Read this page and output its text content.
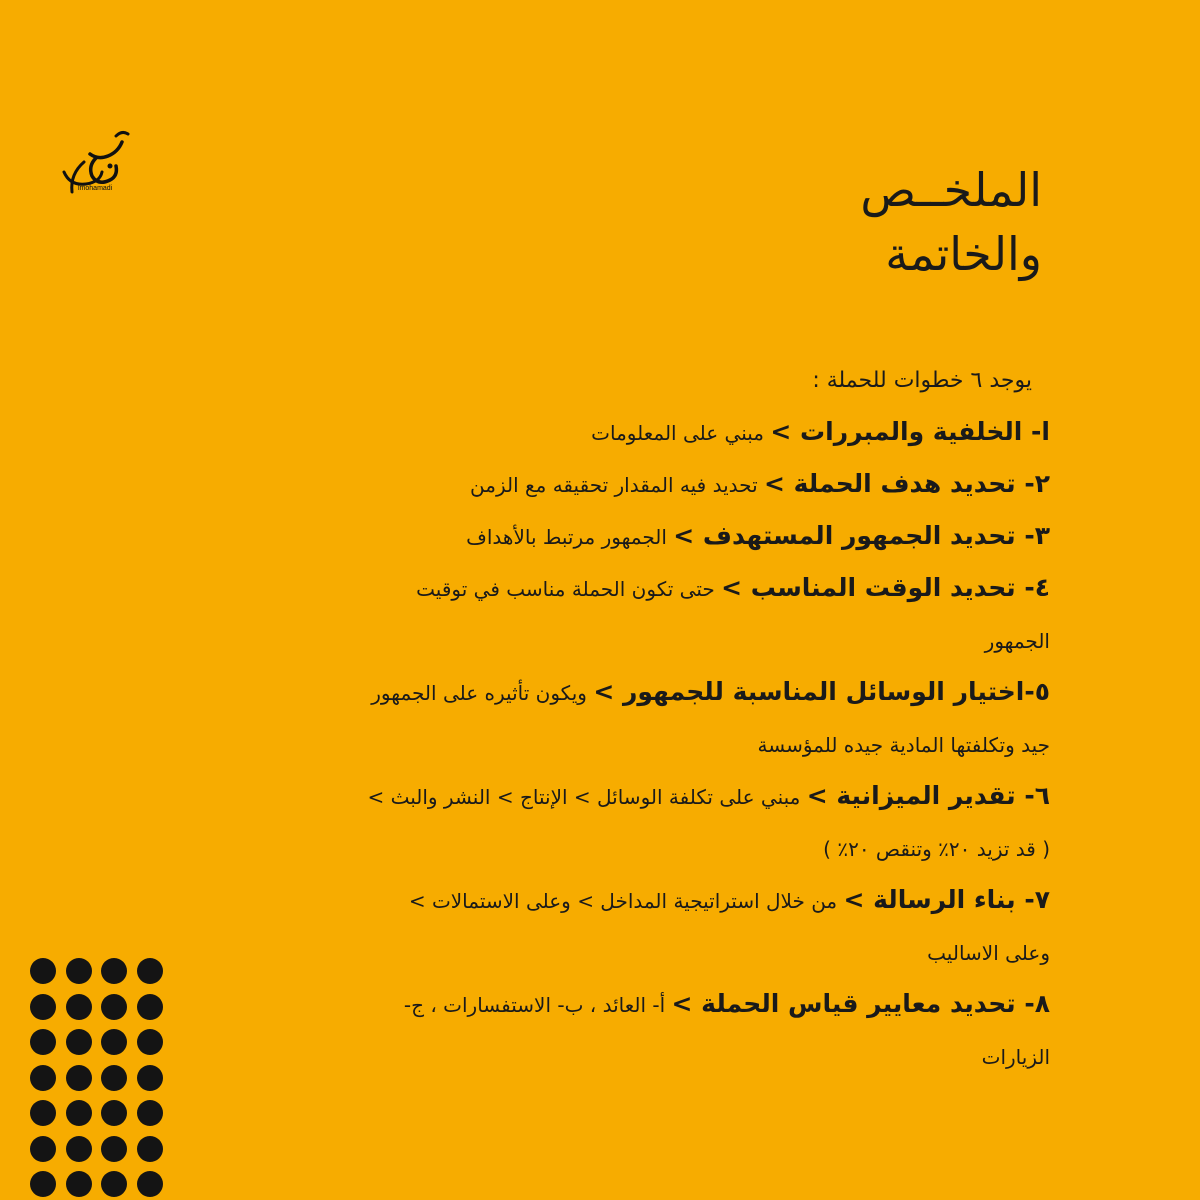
lmohamadi	الملخــص
والخاتمة
يوجد ٦ خطوات للحملة :
ا- الخلفية والمبررات > مبني على المعلومات
٢- تحديد هدف الحملة > تحديد فيه المقدار تحقيقه مع الزمن
٣- تحديد الجمهور المستهدف > الجمهور مرتبط بالأهداف
٤- تحديد الوقت المناسب > حتى تكون الحملة مناسب في توقيت
الجمهور
٥-اختيار الوسائل المناسبة للجمهور > ويكون تأثيره على الجمهور
جيد وتكلفتها المادية جيده للمؤسسة
٦- تقدير الميزانية > مبني على تكلفة الوسائل > الإنتاج > النشر والبث >
( قد تزيد ٢٠٪ وتنقص ٢٠٪ )
٧- بناء الرسالة > من خلال استراتيجية المداخل > وعلى الاستمالات >
وعلى الاساليب
٨- تحديد معايير قياس الحملة > أ- العائد ، ب- الاستفسارات ، ج-
الزيارات
